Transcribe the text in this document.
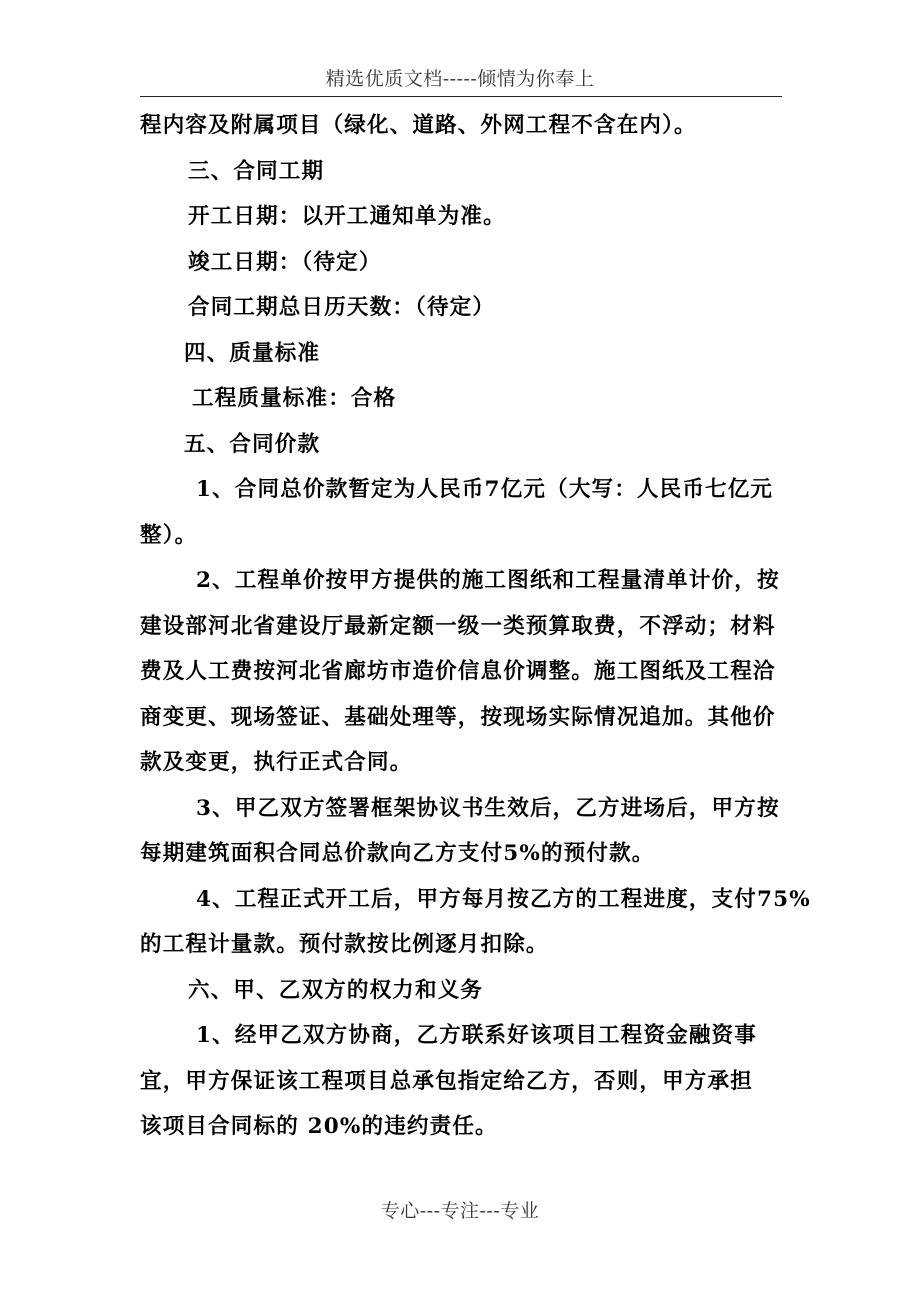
精选优质文档-----倾情为你奉上
程内容及附属项目（绿化、道路、外网工程不含在内）。
三、合同工期
开工日期：以开工通知单为准。
竣工日期：（待定）
合同工期总日历天数：（待定）
四、质量标准
工程质量标准：合格
五、合同价款
1、合同总价款暂定为人民币7亿元（大写：人民币七亿元
整）。
2、工程单价按甲方提供的施工图纸和工程量清单计价，按
建设部河北省建设厅最新定额一级一类预算取费，不浮动；材料
费及人工费按河北省廊坊市造价信息价调整。施工图纸及工程洽
商变更、现场签证、基础处理等，按现场实际情况追加。其他价
款及变更，执行正式合同。
3、甲乙双方签署框架协议书生效后，乙方进场后，甲方按
每期建筑面积合同总价款向乙方支付5%的预付款。
4、工程正式开工后，甲方每月按乙方的工程进度，支付75%
的工程计量款。预付款按比例逐月扣除。
六、甲、乙双方的权力和义务
1、经甲乙双方协商，乙方联系好该项目工程资金融资事
宜，甲方保证该工程项目总承包指定给乙方，否则，甲方承担
该项目合同标的 20%的违约责任。
专心---专注---专业
